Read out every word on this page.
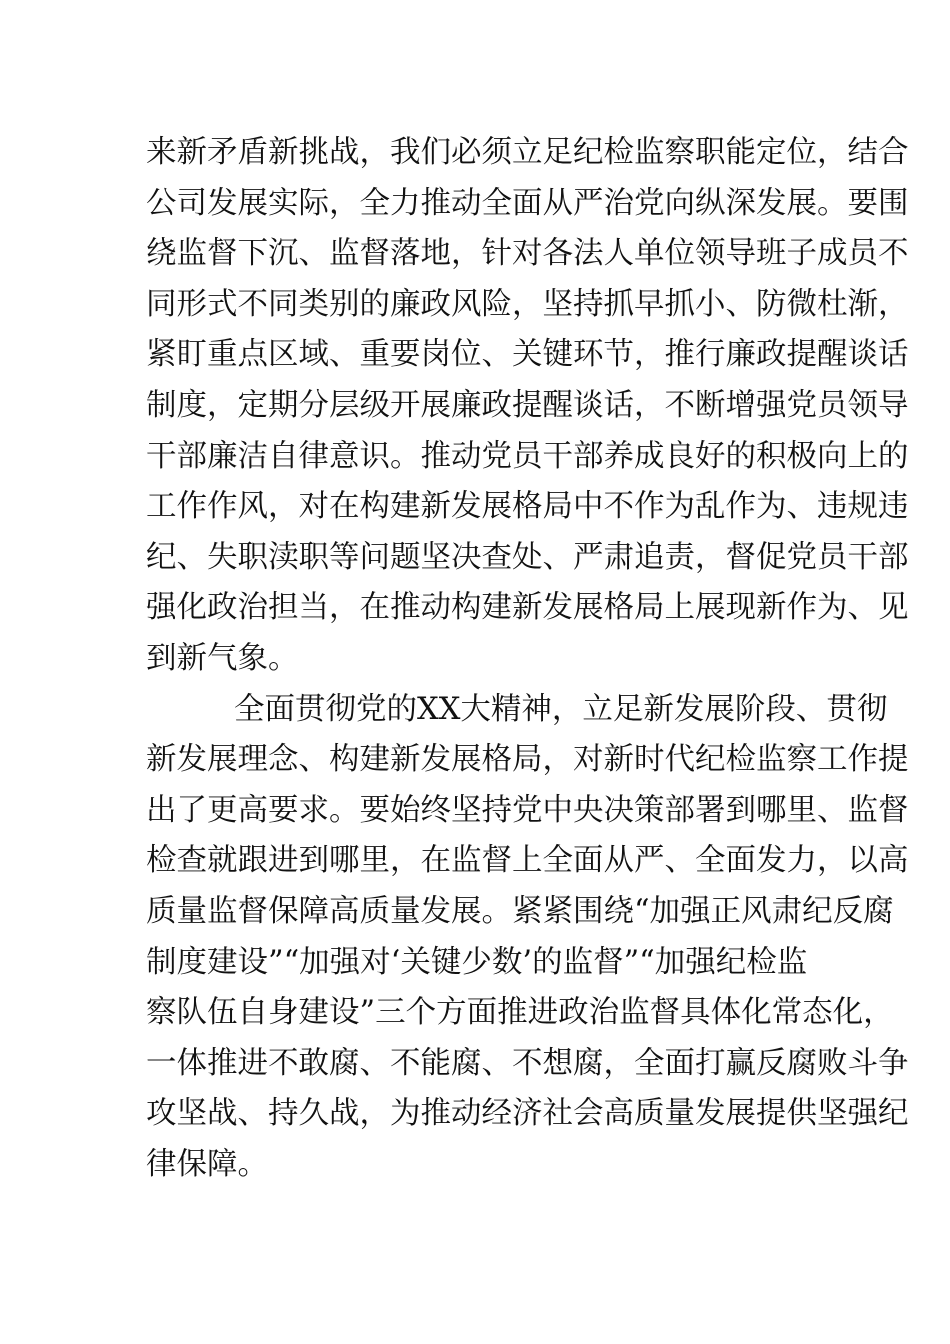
来新矛盾新挑战，我们必须立足纪检监察职能定位，结合
公司发展实际，全力推动全面从严治党向纵深发展。要围
绕监督下沉、监督落地，针对各法人单位领导班子成员不
同形式不同类别的廉政风险，坚持抓早抓小、防微杜渐，
紧盯重点区域、重要岗位、关键环节，推行廉政提醒谈话
制度，定期分层级开展廉政提醒谈话，不断增强党员领导
干部廉洁自律意识。推动党员干部养成良好的积极向上的
工作作风，对在构建新发展格局中不作为乱作为、违规违
纪、失职渎职等问题坚决查处、严肃追责，督促党员干部
强化政治担当，在推动构建新发展格局上展现新作为、见
到新气象。
全面贯彻党的XX大精神，立足新发展阶段、贯彻
新发展理念、构建新发展格局，对新时代纪检监察工作提
出了更高要求。要始终坚持党中央决策部署到哪里、监督
检查就跟进到哪里，在监督上全面从严、全面发力，以高
质量监督保障高质量发展。紧紧围绕“加强正风肃纪反腐
制度建设”“加强对‘关键少数’的监督”“加强纪检监
察队伍自身建设”三个方面推进政治监督具体化常态化，
一体推进不敢腐、不能腐、不想腐，全面打赢反腐败斗争
攻坚战、持久战，为推动经济社会高质量发展提供坚强纪
律保障。
